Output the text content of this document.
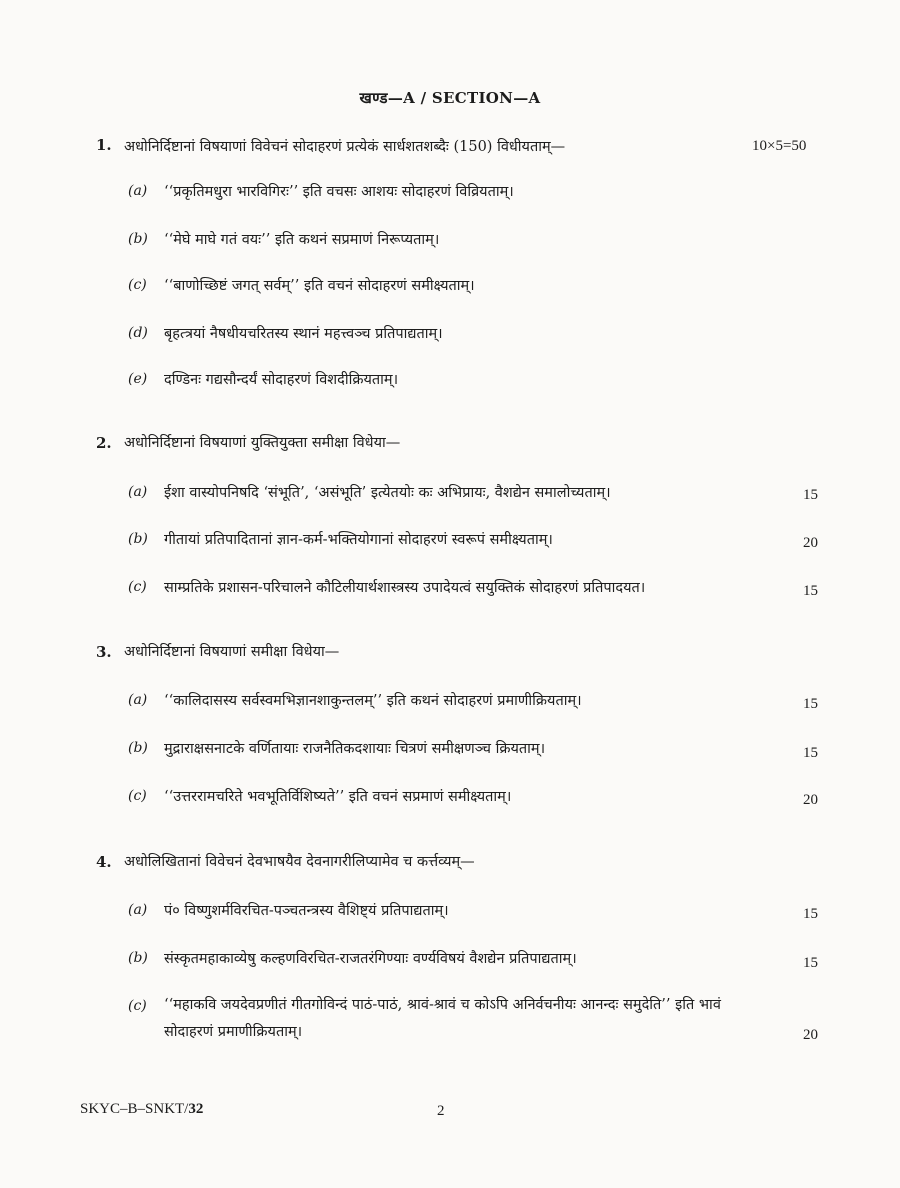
खण्ड—A / SECTION—A
1. अधोनिर्दिष्टानां विषयाणां विवेचनं सोदाहरणं प्रत्येकं सार्धशतशब्दैः (150) विधीयताम्—	10×5=50
(a) ‘‘प्रकृतिमधुरा भारविगिरः’’ इति वचसः आशयः सोदाहरणं विव्रियताम्।
(b) ‘‘मेघे माघे गतं वयः’’ इति कथनं सप्रमाणं निरूप्यताम्।
(c) ‘‘बाणोच्छिष्टं जगत् सर्वम्’’ इति वचनं सोदाहरणं समीक्ष्यताम्।
(d) बृहत्त्रयां नैषधीयचरितस्य स्थानं महत्त्वञ्च प्रतिपाद्यताम्।
(e) दण्डिनः गद्यसौन्दर्यं सोदाहरणं विशदीक्रियताम्।
2. अधोनिर्दिष्टानां विषयाणां युक्तियुक्ता समीक्षा विधेया—
(a) ईशा वास्योपनिषदि ‘संभूति’, ‘असंभूति’ इत्येतयोः कः अभिप्रायः, वैशद्येन समालोच्यताम्।	15
(b) गीतायां प्रतिपादितानां ज्ञान-कर्म-भक्तियोगानां सोदाहरणं स्वरूपं समीक्ष्यताम्।	20
(c) साम्प्रतिके प्रशासन-परिचालने कौटिलीयार्थशास्त्रस्य उपादेयत्वं सयुक्तिकं सोदाहरणं प्रतिपादयत।	15
3. अधोनिर्दिष्टानां विषयाणां समीक्षा विधेया—
(a) ‘‘कालिदासस्य सर्वस्वमभिज्ञानशाकुन्तलम्’’ इति कथनं सोदाहरणं प्रमाणीक्रियताम्।	15
(b) मुद्राराक्षसनाटके वर्णितायाः राजनैतिकदशायाः चित्रणं समीक्षणञ्च क्रियताम्।	15
(c) ‘‘उत्तररामचरिते भवभूतिर्विशिष्यते’’ इति वचनं सप्रमाणं समीक्ष्यताम्।	20
4. अधोलिखितानां विवेचनं देवभाषयैव देवनागरीलिप्यामेव च कर्त्तव्यम्—
(a) पं० विष्णुशर्मविरचित-पञ्चतन्त्रस्य वैशिष्ट्यं प्रतिपाद्यताम्।	15
(b) संस्कृतमहाकाव्येषु कल्हणविरचित-राजतरंगिण्याः वर्ण्यविषयं वैशद्येन प्रतिपाद्यताम्।	15
(c) ‘‘महाकवि जयदेवप्रणीतं गीतगोविन्दं पाठं-पाठं, श्रावं-श्रावं च कोऽपि अनिर्वचनीयः आनन्दः समुदेति’’ इति भावं सोदाहरणं प्रमाणीक्रियताम्।	20
SKYC–B–SNKT/32	2
